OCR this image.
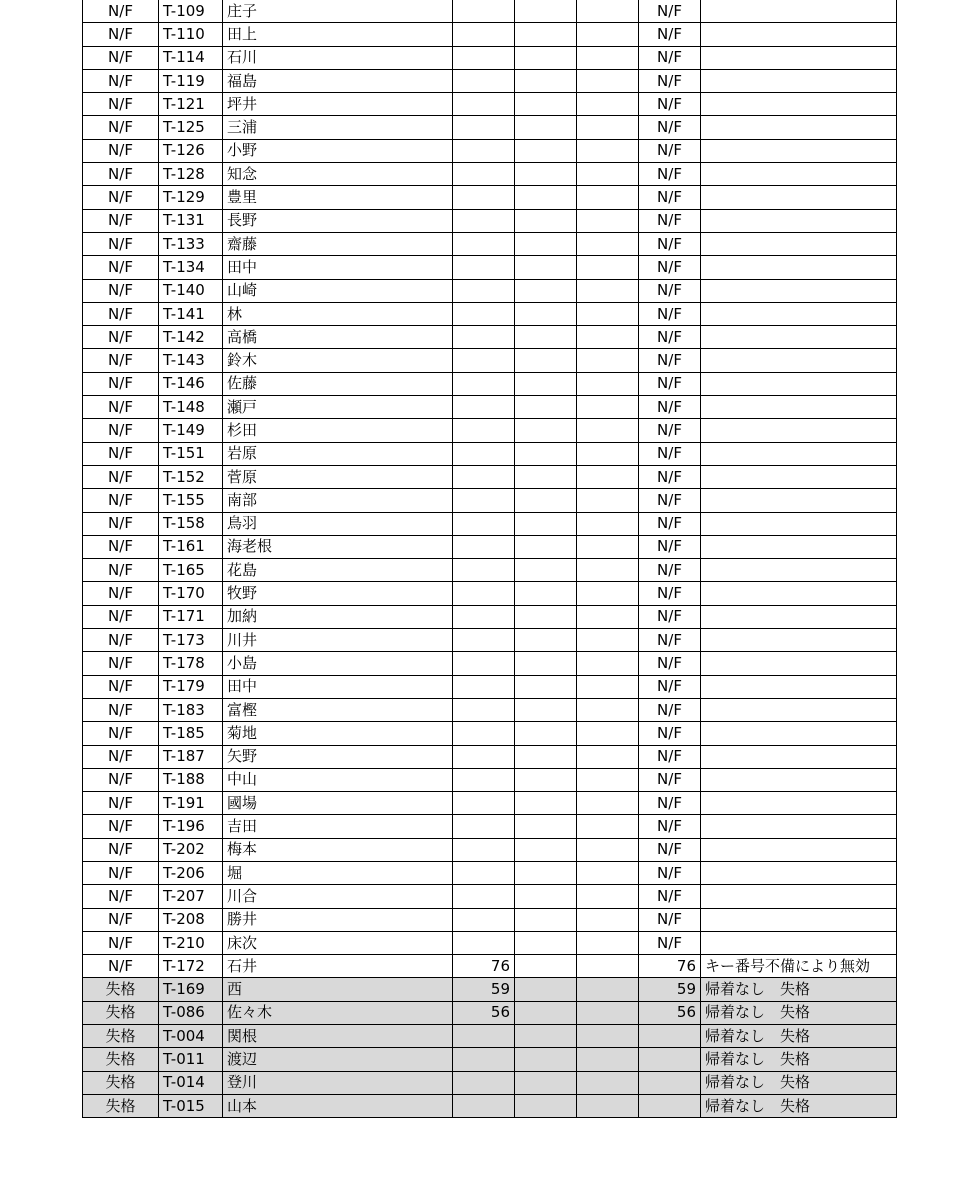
N/F	T-109	庄子				N/F	
N/F	T-110	田上				N/F	
N/F	T-114	石川				N/F	
N/F	T-119	福島				N/F	
N/F	T-121	坪井				N/F	
N/F	T-125	三浦				N/F	
N/F	T-126	小野				N/F	
N/F	T-128	知念				N/F	
N/F	T-129	豊里				N/F	
N/F	T-131	長野				N/F	
N/F	T-133	齋藤				N/F	
N/F	T-134	田中				N/F	
N/F	T-140	山崎				N/F	
N/F	T-141	林				N/F	
N/F	T-142	高橋				N/F	
N/F	T-143	鈴木				N/F	
N/F	T-146	佐藤				N/F	
N/F	T-148	瀬戸				N/F	
N/F	T-149	杉田				N/F	
N/F	T-151	岩原				N/F	
N/F	T-152	菅原				N/F	
N/F	T-155	南部				N/F	
N/F	T-158	鳥羽				N/F	
N/F	T-161	海老根				N/F	
N/F	T-165	花島				N/F	
N/F	T-170	牧野				N/F	
N/F	T-171	加納				N/F	
N/F	T-173	川井				N/F	
N/F	T-178	小島				N/F	
N/F	T-179	田中				N/F	
N/F	T-183	富樫				N/F	
N/F	T-185	菊地				N/F	
N/F	T-187	矢野				N/F	
N/F	T-188	中山				N/F	
N/F	T-191	國場				N/F	
N/F	T-196	吉田				N/F	
N/F	T-202	梅本				N/F	
N/F	T-206	堀				N/F	
N/F	T-207	川合				N/F	
N/F	T-208	勝井				N/F	
N/F	T-210	床次				N/F	
N/F	T-172	石井	76			76	キー番号不備により無効
失格	T-169	西	59			59	帰着なし　失格
失格	T-086	佐々木	56			56	帰着なし　失格
失格	T-004	関根					帰着なし　失格
失格	T-011	渡辺					帰着なし　失格
失格	T-014	登川					帰着なし　失格
失格	T-015	山本					帰着なし　失格
